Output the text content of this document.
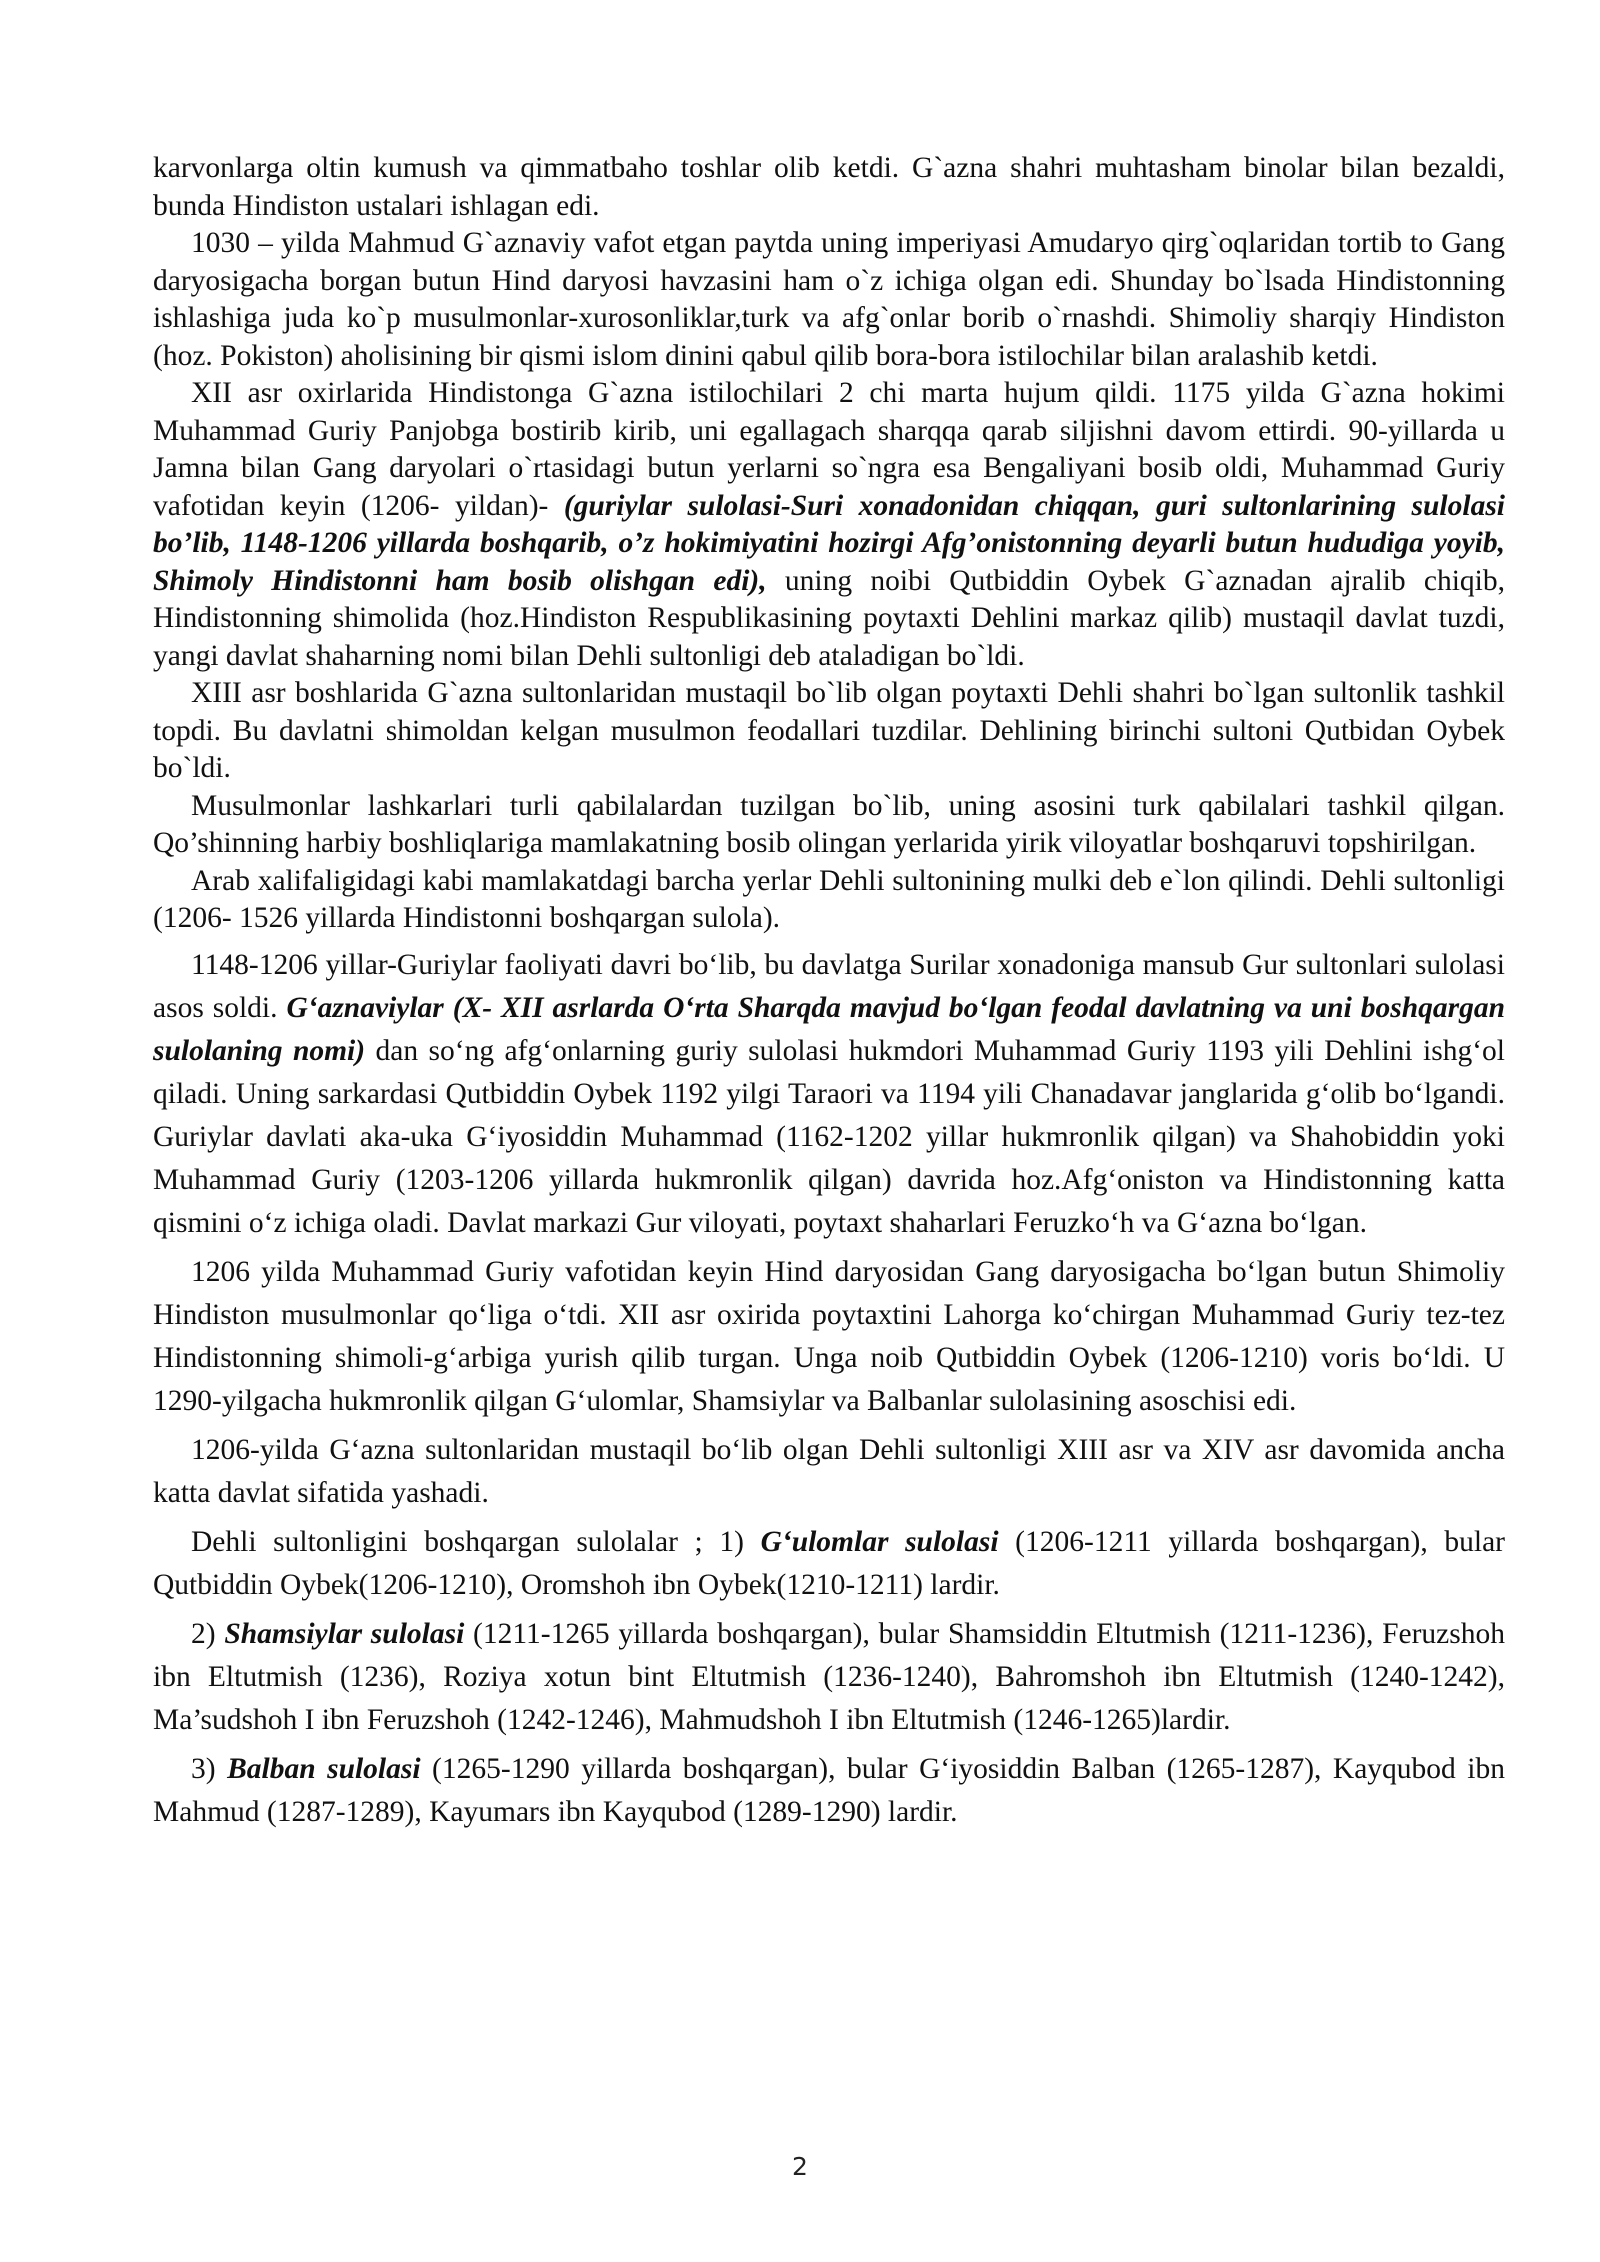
karvonlarga oltin kumush va qimmatbaho toshlar olib ketdi. G`azna shahri muhtasham binolar bilan bezaldi, bunda Hindiston ustalari ishlagan edi.

1030 – yilda Mahmud G`aznaviy vafot etgan paytda uning imperiyasi Amudaryo qirg`oqlaridan tortib to Gang daryosigacha borgan butun Hind daryosi havzasini ham o`z ichiga olgan edi. Shunday bo`lsada Hindistonning ishlashiga juda ko`p musulmonlar-xurosonliklar,turk va afg`onlar borib o`rnashdi. Shimoliy sharqiy Hindiston (hoz. Pokiston) aholisining bir qismi islom dinini qabul qilib bora-bora istilochilar bilan aralashib ketdi.

XII asr oxirlarida Hindistonga G`azna istilochilari 2 chi marta hujum qildi. 1175 yilda G`azna hokimi Muhammad Guriy Panjobga bostirib kirib, uni egallagach sharqqa qarab siljishni davom ettirdi. 90-yillarda u Jamna bilan Gang daryolari o`rtasidagi butun yerlarni so`ngra esa Bengaliyani bosib oldi, Muhammad Guriy vafotidan keyin (1206- yildan)- (guriylar sulolasi-Suri xonadonidan chiqqan, guri sultonlarining sulolasi bo’lib, 1148-1206 yillarda boshqarib, o’z hokimiyatini hozirgi Afg’onistonning deyarli butun hududiga yoyib, Shimoly Hindistonni ham bosib olishgan edi), uning noibi Qutbiddin Oybek G`aznadan ajralib chiqib, Hindistonning shimolida (hoz.Hindiston Respublikasining poytaxti Dehlini markaz qilib) mustaqil davlat tuzdi, yangi davlat shaharning nomi bilan Dehli sultonligi deb ataladigan bo`ldi.

XIII asr boshlarida G`azna sultonlaridan mustaqil bo`lib olgan poytaxti Dehli shahri bo`lgan sultonlik tashkil topdi. Bu davlatni shimoldan kelgan musulmon feodallari tuzdilar. Dehlining birinchi sultoni Qutbidan Oybek bo`ldi.

Musulmonlar lashkarlari turli qabilalardan tuzilgan bo`lib, uning asosini turk qabilalari tashkil qilgan. Qo’shinning harbiy boshliqlariga mamlakatning bosib olingan yerlarida yirik viloyatlar boshqaruvi topshirilgan.

Arab xalifaligidagi kabi mamlakatdagi barcha yerlar Dehli sultonining mulki deb e`lon qilindi. Dehli sultonligi (1206- 1526 yillarda Hindistonni boshqargan sulola).

1148-1206 yillar-Guriylar faoliyati davri bo‘lib, bu davlatga Surilar xonadoniga mansub Gur sultonlari sulolasi asos soldi. G‘aznaviylar (X- XII asrlarda O‘rta Sharqda mavjud bo‘lgan feodal davlatning va uni boshqargan sulolaning nomi) dan so‘ng afg‘onlarning guriy sulolasi hukmdori Muhammad Guriy 1193 yili Dehlini ishg‘ol qiladi. Uning sarkardasi Qutbiddin Oybek 1192 yilgi Taraori va 1194 yili Chanadavar janglarida g‘olib bo‘lgandi. Guriylar davlati aka-uka G‘iyosiddin Muhammad (1162-1202 yillar hukmronlik qilgan) va Shahobiddin yoki Muhammad Guriy (1203-1206 yillarda hukmronlik qilgan) davrida hoz.Afg‘oniston va Hindistonning katta qismini o‘z ichiga oladi. Davlat markazi Gur viloyati, poytaxt shaharlari Feruzko‘h va G‘azna bo‘lgan.

1206 yilda Muhammad Guriy vafotidan keyin Hind daryosidan Gang daryosigacha bo‘lgan butun Shimoliy Hindiston musulmonlar qo‘liga o‘tdi. XII asr oxirida poytaxtini Lahorga ko‘chirgan Muhammad Guriy tez-tez Hindistonning shimoli-g‘arbiga yurish qilib turgan. Unga noib Qutbiddin Oybek (1206-1210) voris bo‘ldi. U 1290-yilgacha hukmronlik qilgan G‘ulomlar, Shamsiylar va Balbanlar sulolasining asoschisi edi.

1206-yilda G‘azna sultonlaridan mustaqil bo‘lib olgan Dehli sultonligi XIII asr va XIV asr davomida ancha katta davlat sifatida yashadi.

Dehli sultonligini boshqargan sulolalar ; 1) G‘ulomlar sulolasi (1206-1211 yillarda boshqargan), bular Qutbiddin Oybek(1206-1210), Oromshoh ibn Oybek(1210-1211) lardir.

2) Shamsiylar sulolasi (1211-1265 yillarda boshqargan), bular Shamsiddin Eltutmish (1211-1236), Feruzshoh ibn Eltutmish (1236), Roziya xotun bint Eltutmish (1236-1240), Bahromshoh ibn Eltutmish (1240-1242), Ma’sudshoh I ibn Feruzshoh (1242-1246), Mahmudshoh I ibn Eltutmish (1246-1265)lardir.

3) Balban sulolasi (1265-1290 yillarda boshqargan), bular G‘iyosiddin Balban (1265-1287), Kayqubod ibn Mahmud (1287-1289), Kayumars ibn Kayqubod (1289-1290) lardir.

2
